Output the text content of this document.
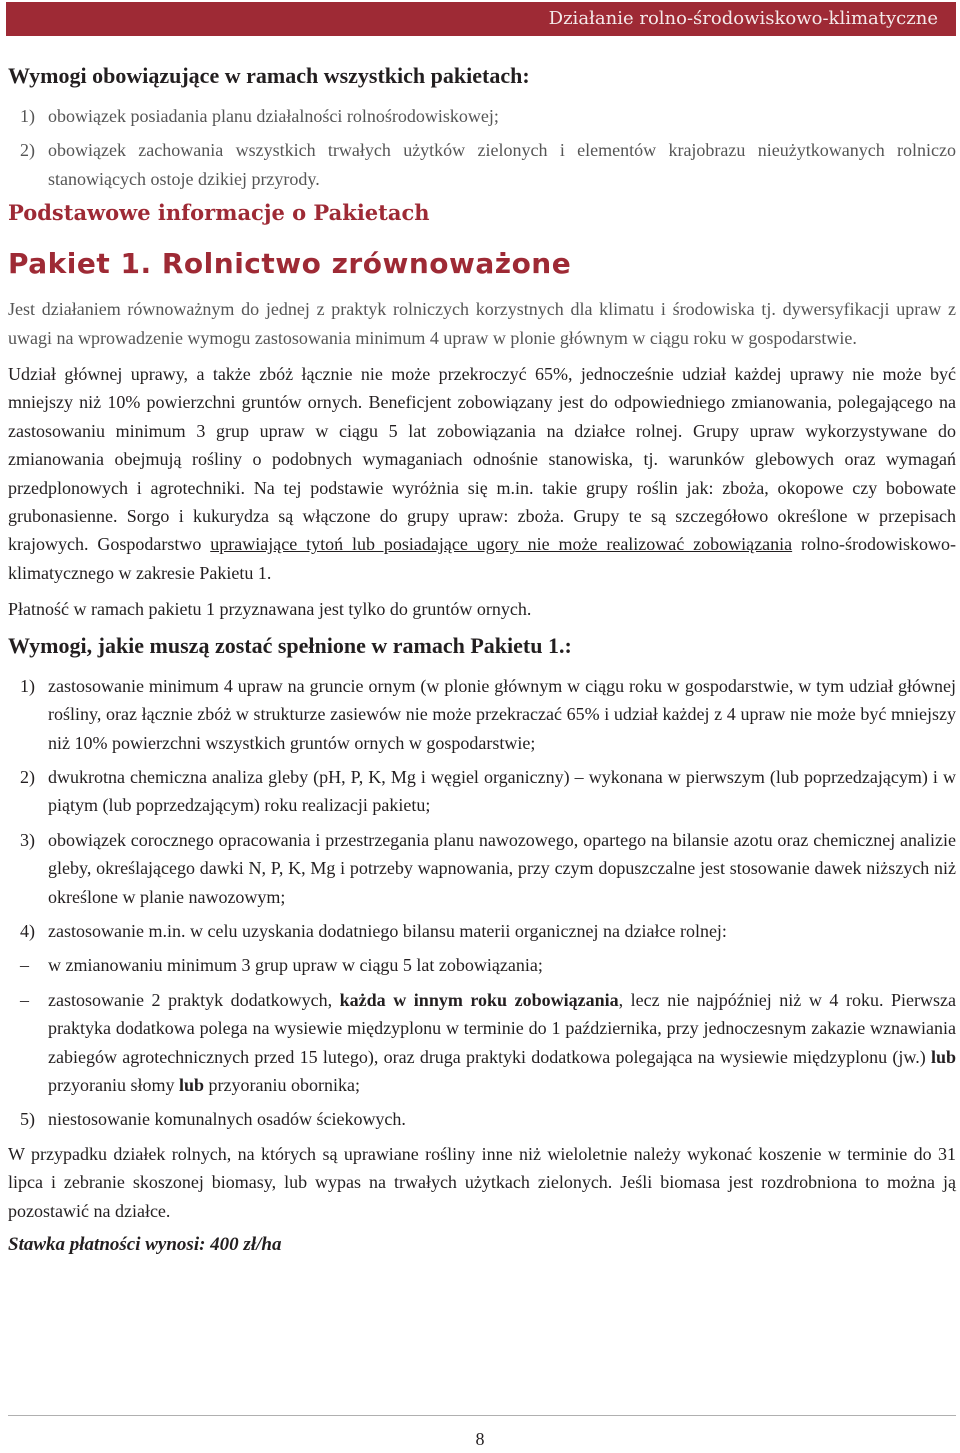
Działanie rolno-środowiskowo-klimatyczne
Wymogi obowiązujące w ramach wszystkich pakietach:
1) obowiązek posiadania planu działalności rolnośrodowiskowej;
2) obowiązek zachowania wszystkich trwałych użytków zielonych i elementów krajobrazu nieużytkowanych rolniczo stanowiących ostoje dzikiej przyrody.
Podstawowe informacje o Pakietach
Pakiet 1. Rolnictwo zrównoważone

Jest działaniem równoważnym do jednej z praktyk rolniczych korzystnych dla klimatu i środowiska tj. dywersyfikacji upraw z uwagi na wprowadzenie wymogu zastosowania minimum 4 upraw w plonie głównym w ciągu roku w gospodarstwie.

Udział głównej uprawy, a także zbóż łącznie nie może przekroczyć 65%, jednocześnie udział każdej uprawy nie może być mniejszy niż 10% powierzchni gruntów ornych. Beneficjent zobowiązany jest do odpowiedniego zmianowania, polegającego na zastosowaniu minimum 3 grup upraw w ciągu 5 lat zobowiązania na działce rolnej. Grupy upraw wykorzystywane do zmianowania obejmują rośliny o podobnych wymaganiach odnośnie stanowiska, tj. warunków glebowych oraz wymagań przedplonowych i agrotechniki. Na tej podstawie wyróżnia się m.in. takie grupy roślin jak: zboża, okopowe czy bobowate grubonasienne. Sorgo i kukurydza są włączone do grupy upraw: zboża. Grupy te są szczegółowo określone w przepisach krajowych. Gospodarstwo uprawiające tytoń lub posiadające ugory nie może realizować zobowiązania rolno-środowiskowo-klimatycznego w zakresie Pakietu 1.

Płatność w ramach pakietu 1 przyznawana jest tylko do gruntów ornych.

Wymogi, jakie muszą zostać spełnione w ramach Pakietu 1.:
1) zastosowanie minimum 4 upraw na gruncie ornym (w plonie głównym w ciągu roku w gospodarstwie, w tym udział głównej rośliny, oraz łącznie zbóż w strukturze zasiewów nie może przekraczać 65% i udział każdej z 4 upraw nie może być mniejszy niż 10% powierzchni wszystkich gruntów ornych w gospodarstwie;
2) dwukrotna chemiczna analiza gleby (pH, P, K, Mg i węgiel organiczny) – wykonana w pierwszym (lub poprzedzającym) i w piątym (lub poprzedzającym) roku realizacji pakietu;
3) obowiązek corocznego opracowania i przestrzegania planu nawozowego, opartego na bilansie azotu oraz chemicznej analizie gleby, określającego dawki N, P, K, Mg i potrzeby wapnowania, przy czym dopuszczalne jest stosowanie dawek niższych niż określone w planie nawozowym;
4) zastosowanie m.in. w celu uzyskania dodatniego bilansu materii organicznej na działce rolnej:
– w zmianowaniu minimum 3 grup upraw w ciągu 5 lat zobowiązania;
– zastosowanie 2 praktyk dodatkowych, każda w innym roku zobowiązania, lecz nie najpóźniej niż w 4 roku. Pierwsza praktyka dodatkowa polega na wysiewie międzyplonu w terminie do 1 października, przy jednoczesnym zakazie wznawiania zabiegów agrotechnicznych przed 15 lutego), oraz druga praktyki dodatkowa polegająca na wysiewie międzyplonu (jw.) lub przyoraniu słomy lub przyoraniu obornika;
5) niestosowanie komunalnych osadów ściekowych.

W przypadku działek rolnych, na których są uprawiane rośliny inne niż wieloletnie należy wykonać koszenie w terminie do 31 lipca i zebranie skoszonej biomasy, lub wypas na trwałych użytkach zielonych. Jeśli biomasa jest rozdrobniona to można ją pozostawić na działce.

Stawka płatności wynosi: 400 zł/ha

8
